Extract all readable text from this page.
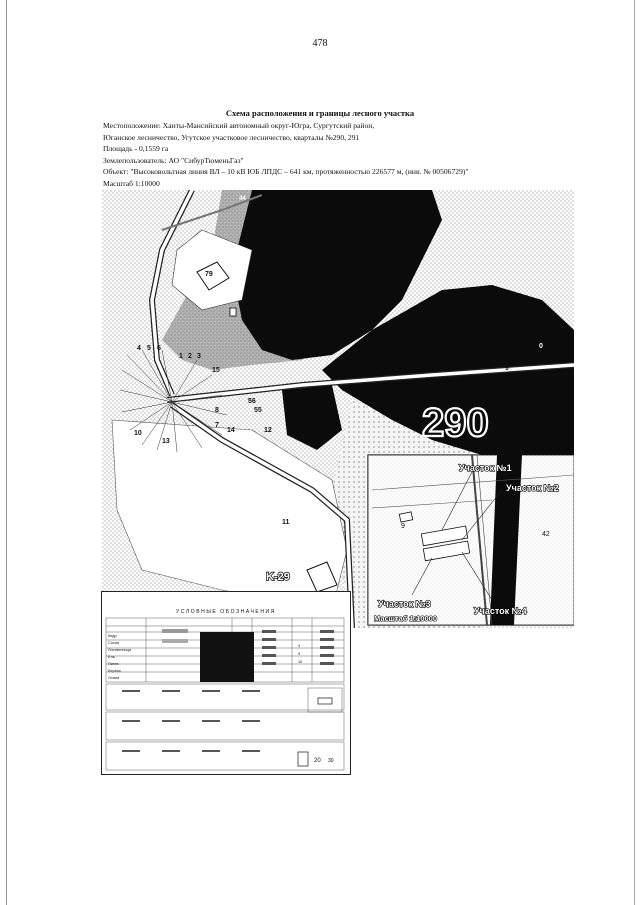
478
Схема расположения и границы лесного участка
Местоположение: Ханты-Мансийский автономный округ-Югра, Сургутский район,
Юганское лесничество, Угутское участковое лесничество, кварталы №290, 291
Площадь - 0,1559 га
Землепользователь: АО "СибурТюменьГаз"
Объект: "Высоковольтная линия ВЛ – 10 кВ ЮБ ЛПДС – 641 км, протяженностью 226577 м, (инв. № 00506729)"
Масштаб 1:10000
79
1 2 3
4 5 6
7
8
9
10
11
12
13
14
15
55
56
0
44
290
K-29
Участок №1
Участок №2
Участок №3
Участок №4
9
42
Масштаб 1:10000
УСЛОВНЫЕ ОБОЗНАЧЕНИЯ
Кедр
Сосна
Лиственница
Ель
Пихта
Береза
Осина
3
9
10
20 30
